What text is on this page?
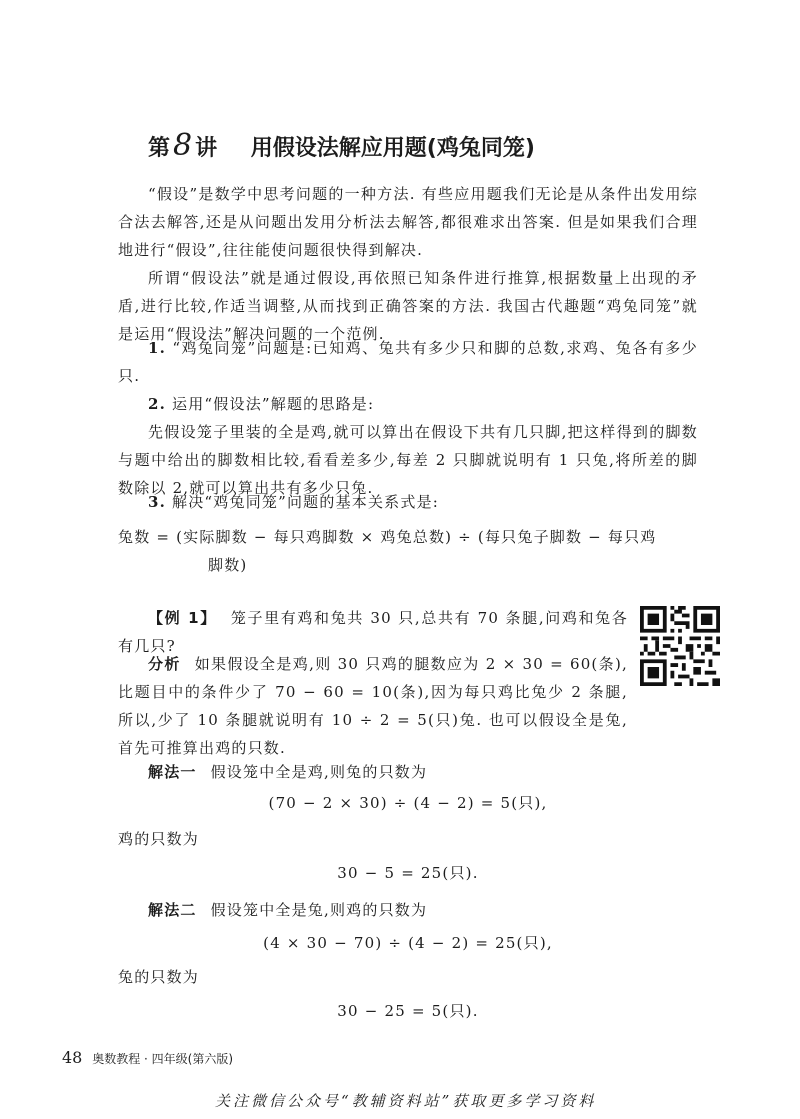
第 8 讲 用假设法解应用题(鸡兔同笼)
“假设”是数学中思考问题的一种方法. 有些应用题我们无论是从条件出发用综合法去解答,还是从问题出发用分析法去解答,都很难求出答案. 但是如果我们合理地进行“假设”,往往能使问题很快得到解决.
所谓“假设法”就是通过假设,再依照已知条件进行推算,根据数量上出现的矛盾,进行比较,作适当调整,从而找到正确答案的方法. 我国古代趣题“鸡兔同笼”就是运用“假设法”解决问题的一个范例.
1. “鸡兔同笼”问题是:已知鸡、兔共有多少只和脚的总数,求鸡、兔各有多少只.
2. 运用“假设法”解题的思路是:
先假设笼子里装的全是鸡,就可以算出在假设下共有几只脚,把这样得到的脚数与题中给出的脚数相比较,看看差多少,每差 2 只脚就说明有 1 只兔,将所差的脚数除以 2,就可以算出共有多少只兔.
3. 解决“鸡兔同笼”问题的基本关系式是:
兔数 = (实际脚数 − 每只鸡脚数 × 鸡兔总数) ÷ (每只兔子脚数 − 每只鸡
脚数)
【例 1】 笼子里有鸡和兔共 30 只,总共有 70 条腿,问鸡和兔各有几只?
分析 如果假设全是鸡,则 30 只鸡的腿数应为 2 × 30 = 60(条),比题目中的条件少了 70 − 60 = 10(条),因为每只鸡比兔少 2 条腿,所以,少了 10 条腿就说明有 10 ÷ 2 = 5(只)兔. 也可以假设全是兔,首先可推算出鸡的只数.
解法一 假设笼中全是鸡,则兔的只数为
(70 − 2 × 30) ÷ (4 − 2) = 5(只),
鸡的只数为
30 − 5 = 25(只).
解法二 假设笼中全是兔,则鸡的只数为
(4 × 30 − 70) ÷ (4 − 2) = 25(只),
兔的只数为
30 − 25 = 5(只).
48 奥数教程 · 四年级(第六版)
关注微信公众号“教辅资料站”获取更多学习资料
